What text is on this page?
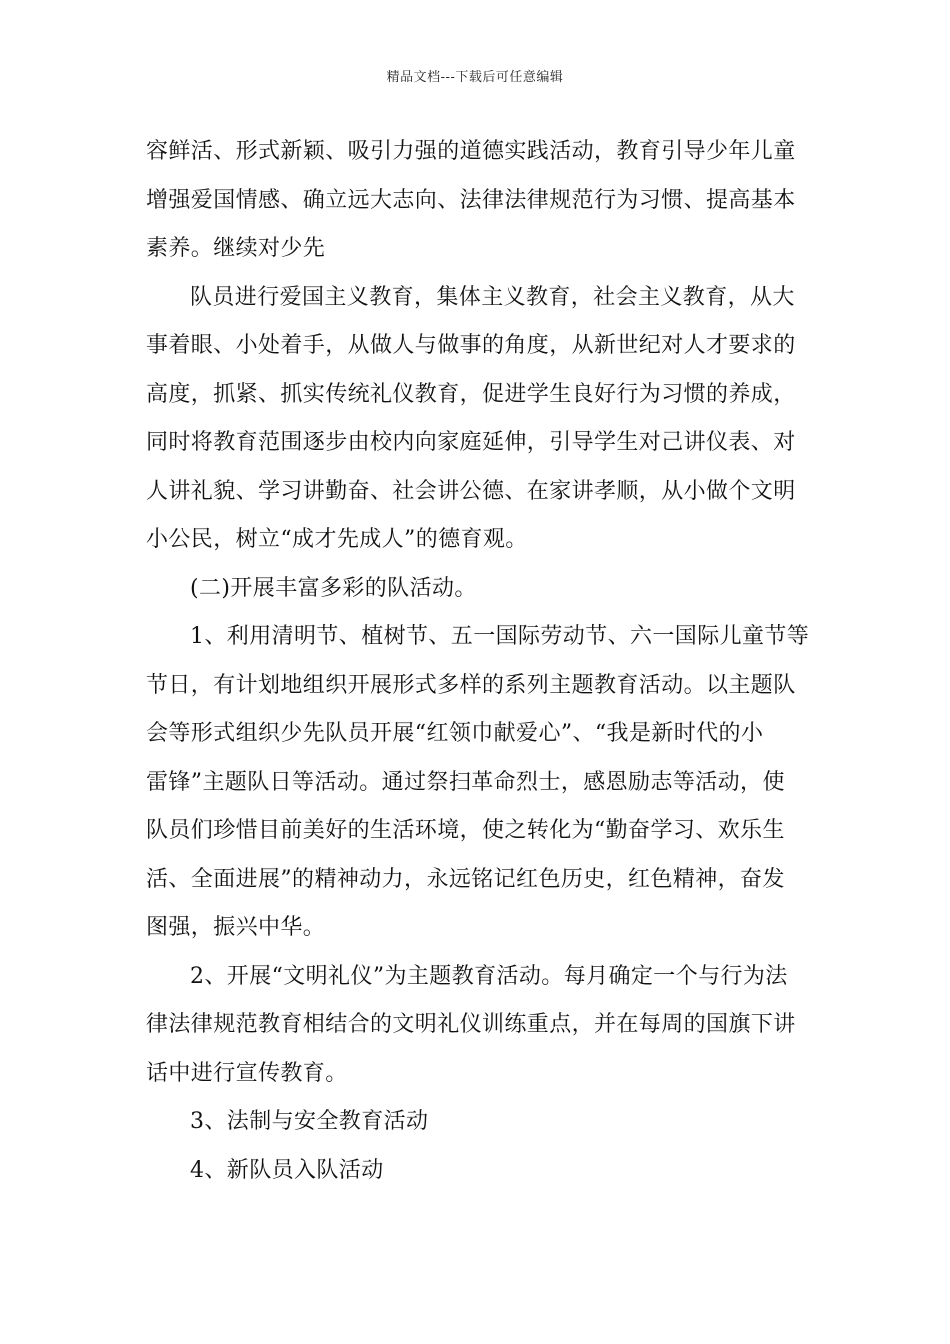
精品文档---下载后可任意编辑
容鲜活、形式新颖、吸引力强的道德实践活动，教育引导少年儿童
增强爱国情感、确立远大志向、法律法律规范行为习惯、提高基本
素养。继续对少先
队员进行爱国主义教育，集体主义教育，社会主义教育，从大
事着眼、小处着手，从做人与做事的角度，从新世纪对人才要求的
高度，抓紧、抓实传统礼仪教育，促进学生良好行为习惯的养成，
同时将教育范围逐步由校内向家庭延伸，引导学生对己讲仪表、对
人讲礼貌、学习讲勤奋、社会讲公德、在家讲孝顺，从小做个文明
小公民，树立“成才先成人”的德育观。
(二)开展丰富多彩的队活动。
1、利用清明节、植树节、五一国际劳动节、六一国际儿童节等
节日，有计划地组织开展形式多样的系列主题教育活动。以主题队
会等形式组织少先队员开展“红领巾献爱心”、“我是新时代的小
雷锋”主题队日等活动。通过祭扫革命烈士，感恩励志等活动，使
队员们珍惜目前美好的生活环境，使之转化为“勤奋学习、欢乐生
活、全面进展”的精神动力，永远铭记红色历史，红色精神，奋发
图强，振兴中华。
2、开展“文明礼仪”为主题教育活动。每月确定一个与行为法
律法律规范教育相结合的文明礼仪训练重点，并在每周的国旗下讲
话中进行宣传教育。
3、法制与安全教育活动
4、新队员入队活动
